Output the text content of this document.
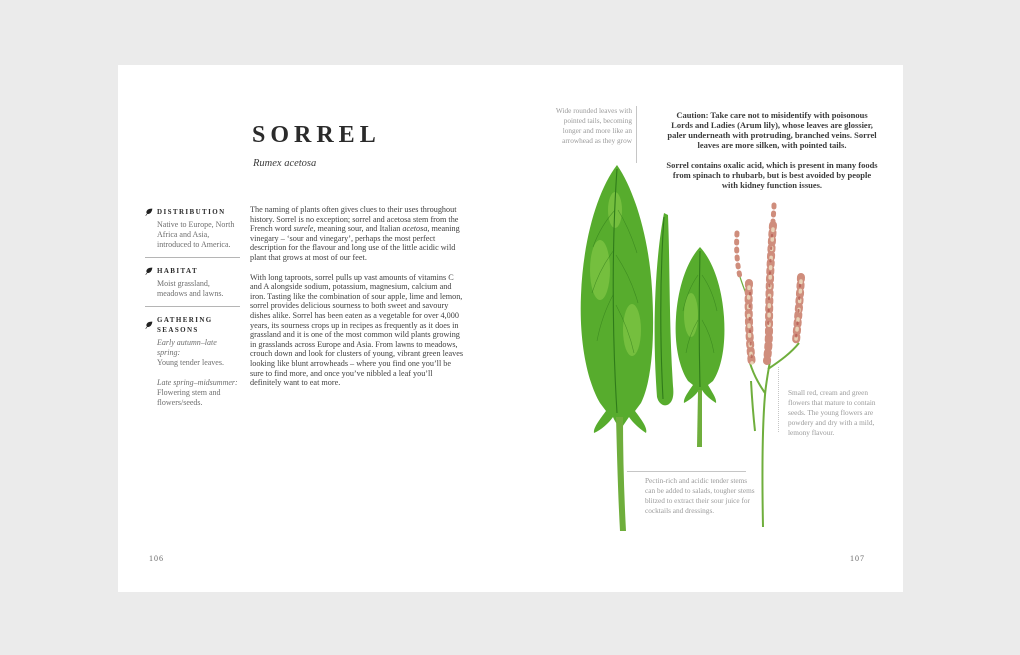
SORREL
Rumex acetosa
DISTRIBUTION
Native to Europe, North Africa and Asia, introduced to America.
HABITAT
Moist grassland, meadows and lawns.
GATHERING SEASONS
Early autumn–late spring:
Young tender leaves.
Late spring–midsummer:
Flowering stem and flowers/seeds.

The naming of plants often gives clues to their uses throughout history. Sorrel is no exception; sorrel and acetosa stem from the French word surele, meaning sour, and Italian acetosa, meaning vinegary – ‘sour and vinegary’, perhaps the most perfect description for the flavour and long use of the little acidic wild plant that grows at most of our feet.

With long taproots, sorrel pulls up vast amounts of vitamins C and A alongside sodium, potassium, magnesium, calcium and iron. Tasting like the combination of sour apple, lime and lemon, sorrel provides delicious sourness to both sweet and savoury dishes alike. Sorrel has been eaten as a vegetable for over 4,000 years, its sourness crops up in recipes as frequently as it does in grassland and it is one of the most common wild plants growing in grasslands across Europe and Asia. From lawns to meadows, crouch down and look for clusters of young, vibrant green leaves looking like blunt arrowheads – where you find one you’ll be sure to find more, and once you’ve nibbled a leaf you’ll definitely want to eat more.

106

Caution: Take care not to misidentify with poisonous Lords and Ladies (Arum lily), whose leaves are glossier, paler underneath with protruding, branched veins. Sorrel leaves are more silken, with pointed tails.

Sorrel contains oxalic acid, which is present in many foods from spinach to rhubarb, but is best avoided by people with kidney function issues.

Wide rounded leaves with pointed tails, becoming longer and more like an arrowhead as they grow
Small red, cream and green flowers that mature to contain seeds. The young flowers are powdery and dry with a mild, lemony flavour.
Pectin-rich and acidic tender stems can be added to salads, tougher stems blitzed to extract their sour juice for cocktails and dressings.
107
